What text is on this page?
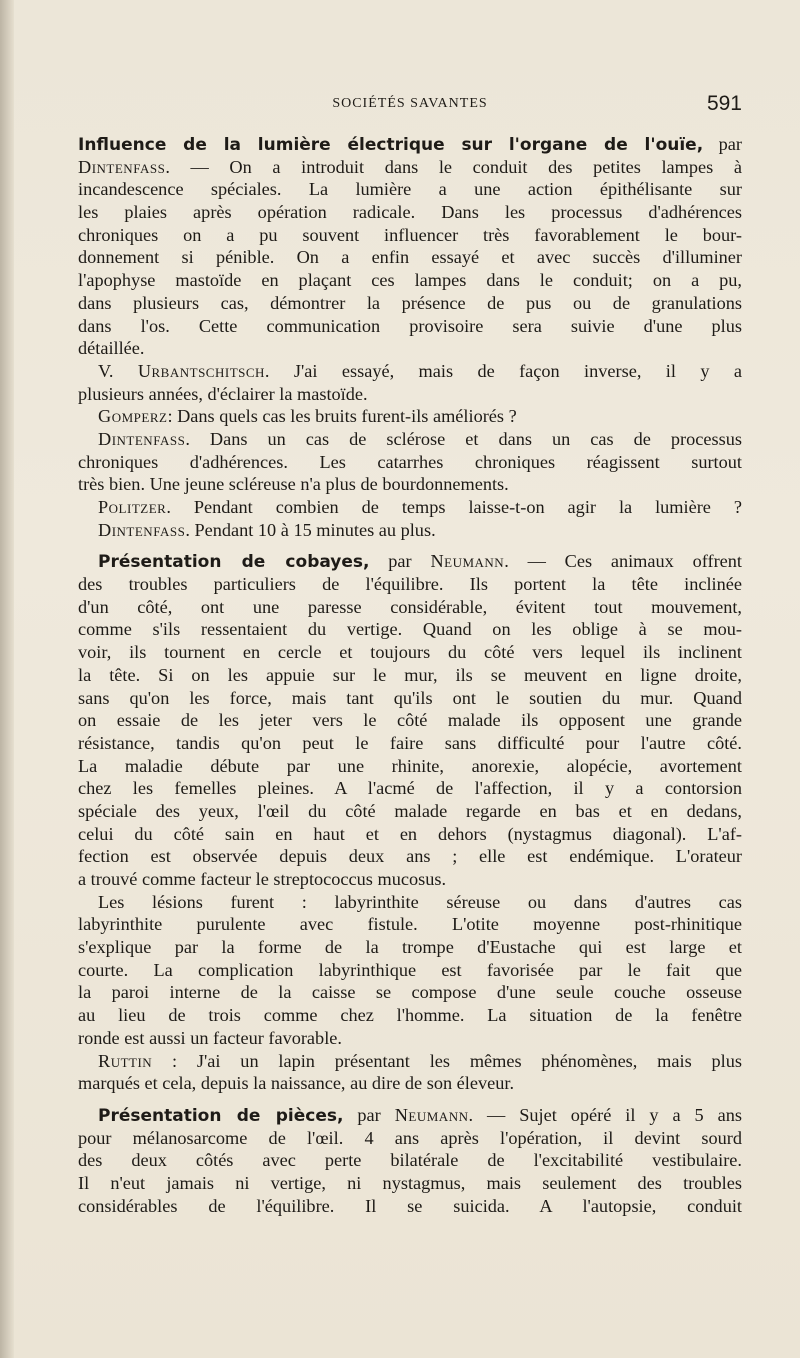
SOCIÉTÉS SAVANTES	591
Influence de la lumière électrique sur l'organe de l'ouïe, par
Dintenfass. — On a introduit dans le conduit des petites lampes à
incandescence spéciales. La lumière a une action épithélisante sur
les plaies après opération radicale. Dans les processus d'adhérences
chroniques on a pu souvent influencer très favorablement le bour-
donnement si pénible. On a enfin essayé et avec succès d'illuminer
l'apophyse mastoïde en plaçant ces lampes dans le conduit; on a pu,
dans plusieurs cas, démontrer la présence de pus ou de granulations
dans l'os. Cette communication provisoire sera suivie d'une plus
détaillée.
V. Urbantschitsch. J'ai essayé, mais de façon inverse, il y a
plusieurs années, d'éclairer la mastoïde.
Gomperz: Dans quels cas les bruits furent-ils améliorés ?
Dintenfass. Dans un cas de sclérose et dans un cas de processus
chroniques d'adhérences. Les catarrhes chroniques réagissent surtout
très bien. Une jeune scléreuse n'a plus de bourdonnements.
Politzer. Pendant combien de temps laisse-t-on agir la lumière ?
Dintenfass. Pendant 10 à 15 minutes au plus.
Présentation de cobayes, par Neumann. — Ces animaux offrent
des troubles particuliers de l'équilibre. Ils portent la tête inclinée
d'un côté, ont une paresse considérable, évitent tout mouvement,
comme s'ils ressentaient du vertige. Quand on les oblige à se mou-
voir, ils tournent en cercle et toujours du côté vers lequel ils inclinent
la tête. Si on les appuie sur le mur, ils se meuvent en ligne droite,
sans qu'on les force, mais tant qu'ils ont le soutien du mur. Quand
on essaie de les jeter vers le côté malade ils opposent une grande
résistance, tandis qu'on peut le faire sans difficulté pour l'autre côté.
La maladie débute par une rhinite, anorexie, alopécie, avortement
chez les femelles pleines. A l'acmé de l'affection, il y a contorsion
spéciale des yeux, l'œil du côté malade regarde en bas et en dedans,
celui du côté sain en haut et en dehors (nystagmus diagonal). L'af-
fection est observée depuis deux ans ; elle est endémique. L'orateur
a trouvé comme facteur le streptococcus mucosus.
Les lésions furent : labyrinthite séreuse ou dans d'autres cas
labyrinthite purulente avec fistule. L'otite moyenne post-rhinitique
s'explique par la forme de la trompe d'Eustache qui est large et
courte. La complication labyrinthique est favorisée par le fait que
la paroi interne de la caisse se compose d'une seule couche osseuse
au lieu de trois comme chez l'homme. La situation de la fenêtre
ronde est aussi un facteur favorable.
Ruttin : J'ai un lapin présentant les mêmes phénomènes, mais plus
marqués et cela, depuis la naissance, au dire de son éleveur.
Présentation de pièces, par Neumann. — Sujet opéré il y a 5 ans
pour mélanosarcome de l'œil. 4 ans après l'opération, il devint sourd
des deux côtés avec perte bilatérale de l'excitabilité vestibulaire.
Il n'eut jamais ni vertige, ni nystagmus, mais seulement des troubles
considérables de l'équilibre. Il se suicida. A l'autopsie, conduit
